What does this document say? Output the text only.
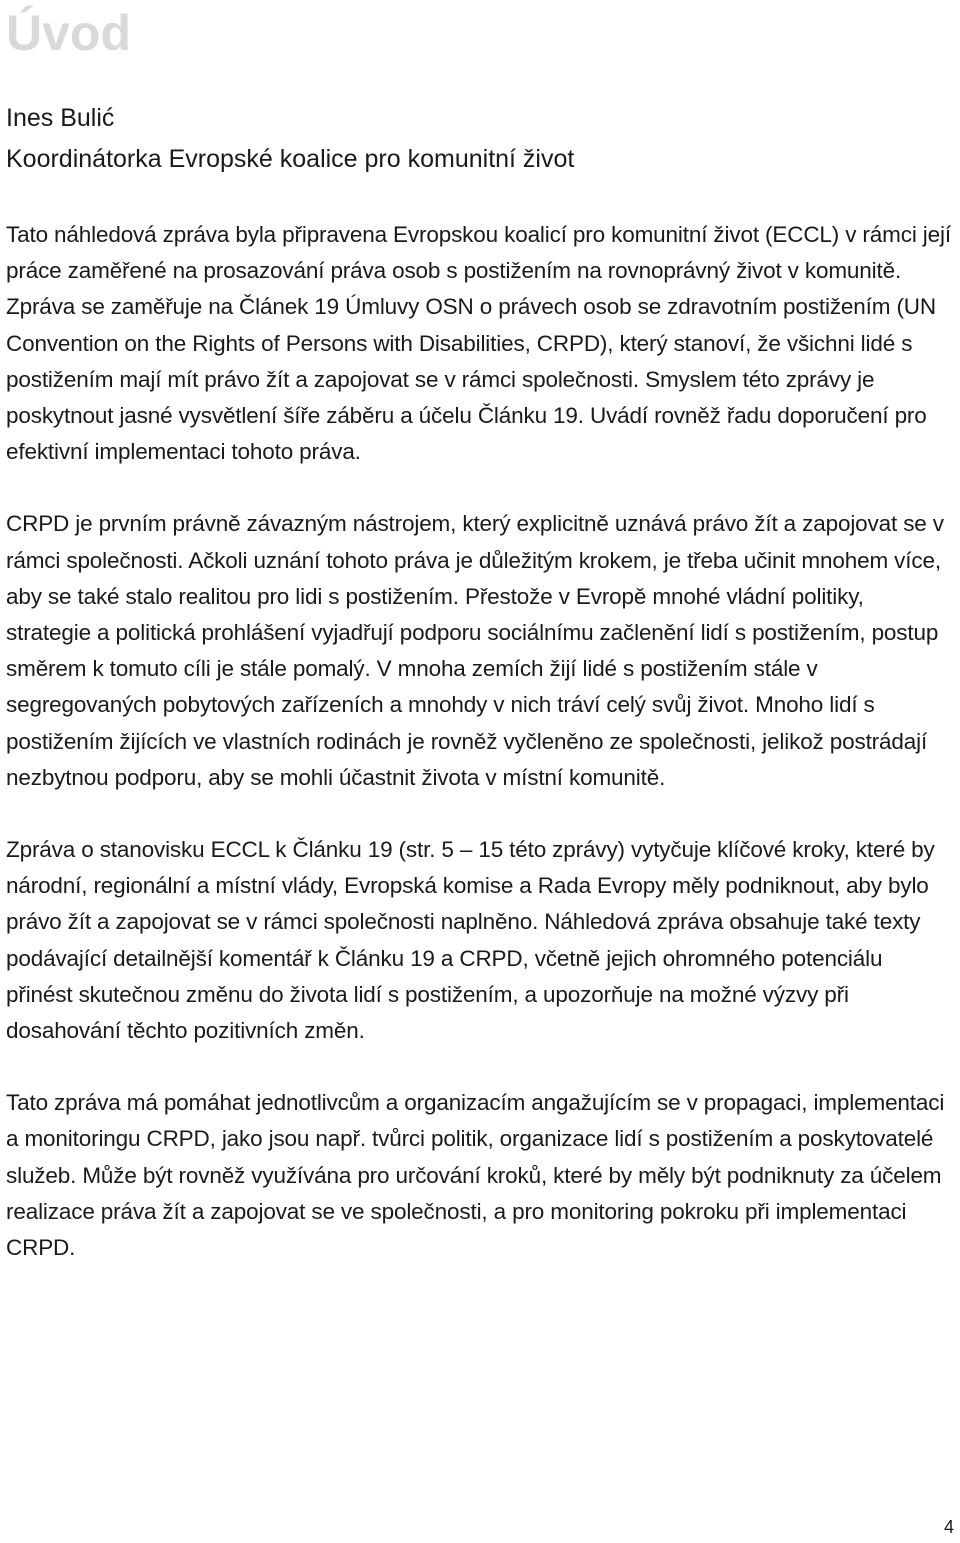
Úvod
Ines Bulić
Koordinátorka Evropské koalice pro komunitní život

Tato náhledová zpráva byla připravena Evropskou koalicí pro komunitní život (ECCL) v rámci její práce zaměřené na prosazování práva osob s postižením na rovnoprávný život v komunitě. Zpráva se zaměřuje na Článek 19 Úmluvy OSN o právech osob se zdravotním postižením (UN Convention on the Rights of Persons with Disabilities, CRPD), který stanoví, že všichni lidé s postižením mají mít právo žít a zapojovat se v rámci společnosti. Smyslem této zprávy je poskytnout jasné vysvětlení šíře záběru a účelu Článku 19. Uvádí rovněž řadu doporučení pro efektivní implementaci tohoto práva.

CRPD je prvním právně závazným nástrojem, který explicitně uznává právo žít a zapojovat se v rámci společnosti. Ačkoli uznání tohoto práva je důležitým krokem, je třeba učinit mnohem více, aby se také stalo realitou pro lidi s postižením. Přestože v Evropě mnohé vládní politiky, strategie a politická prohlášení vyjadřují podporu sociálnímu začlenění lidí s postižením, postup směrem k tomuto cíli je stále pomalý. V mnoha zemích žijí lidé s postižením stále v segregovaných pobytových zařízeních a mnohdy v nich tráví celý svůj život. Mnoho lidí s postižením žijících ve vlastních rodinách je rovněž vyčleněno ze společnosti, jelikož postrádají nezbytnou podporu, aby se mohli účastnit života v místní komunitě.

Zpráva o stanovisku ECCL k Článku 19 (str. 5 – 15 této zprávy) vytyčuje klíčové kroky, které by národní, regionální a místní vlády, Evropská komise a Rada Evropy měly podniknout, aby bylo právo žít a zapojovat se v rámci společnosti naplněno. Náhledová zpráva obsahuje také texty podávající detailnější komentář k Článku 19 a CRPD, včetně jejich ohromného potenciálu přinést skutečnou změnu do života lidí s postižením, a upozorňuje na možné výzvy při dosahování těchto pozitivních změn.

Tato zpráva má pomáhat jednotlivcům a organizacím angažujícím se v propagaci, implementaci a monitoringu CRPD, jako jsou např. tvůrci politik, organizace lidí s postižením a poskytovatelé služeb. Může být rovněž využívána pro určování kroků, které by měly být podniknuty za účelem realizace práva žít a zapojovat se ve společnosti, a pro monitoring pokroku při implementaci CRPD.

4
